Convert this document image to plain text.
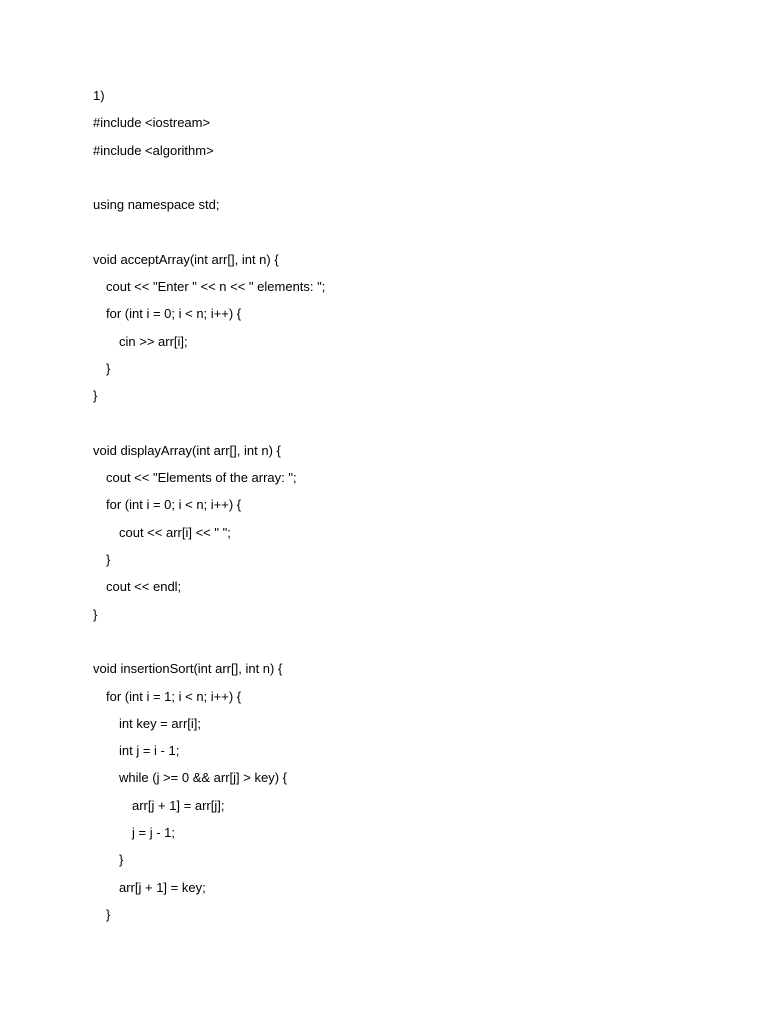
1)
#include <iostream>
#include <algorithm>
using namespace std;
void acceptArray(int arr[], int n) {
cout << "Enter " << n << " elements: ";
for (int i = 0; i < n; i++) {
cin >> arr[i];
}
}
void displayArray(int arr[], int n) {
cout << "Elements of the array: ";
for (int i = 0; i < n; i++) {
cout << arr[i] << " ";
}
cout << endl;
}
void insertionSort(int arr[], int n) {
for (int i = 1; i < n; i++) {
int key = arr[i];
int j = i - 1;
while (j >= 0 && arr[j] > key) {
arr[j + 1] = arr[j];
j = j - 1;
}
arr[j + 1] = key;
}
